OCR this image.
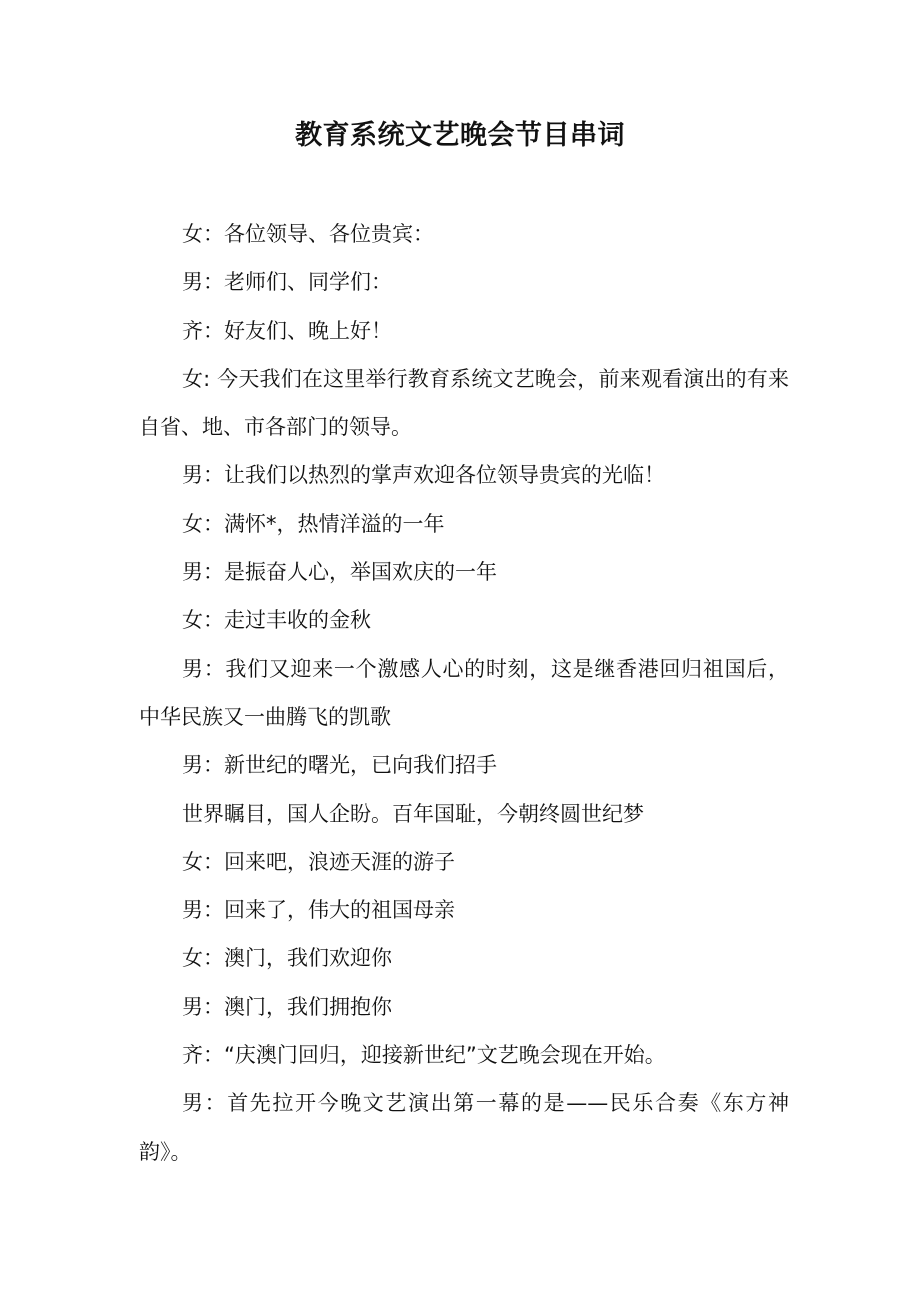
教育系统文艺晚会节目串词

女：各位领导、各位贵宾：

男：老师们、同学们：

齐：好友们、晚上好！

女: 今天我们在这里举行教育系统文艺晚会，前来观看演出的有来自省、地、市各部门的领导。

男：让我们以热烈的掌声欢迎各位领导贵宾的光临！

女：满怀*，热情洋溢的一年

男：是振奋人心，举国欢庆的一年

女：走过丰收的金秋

男：我们又迎来一个激感人心的时刻，这是继香港回归祖国后，中华民族又一曲腾飞的凯歌

男：新世纪的曙光，已向我们招手

世界瞩目，国人企盼。百年国耻，今朝终圆世纪梦

女：回来吧，浪迹天涯的游子

男：回来了，伟大的祖国母亲

女：澳门，我们欢迎你

男：澳门，我们拥抱你

齐：“庆澳门回归，迎接新世纪”文艺晚会现在开始。

男：首先拉开今晚文艺演出第一幕的是——民乐合奏《东方神韵》。
